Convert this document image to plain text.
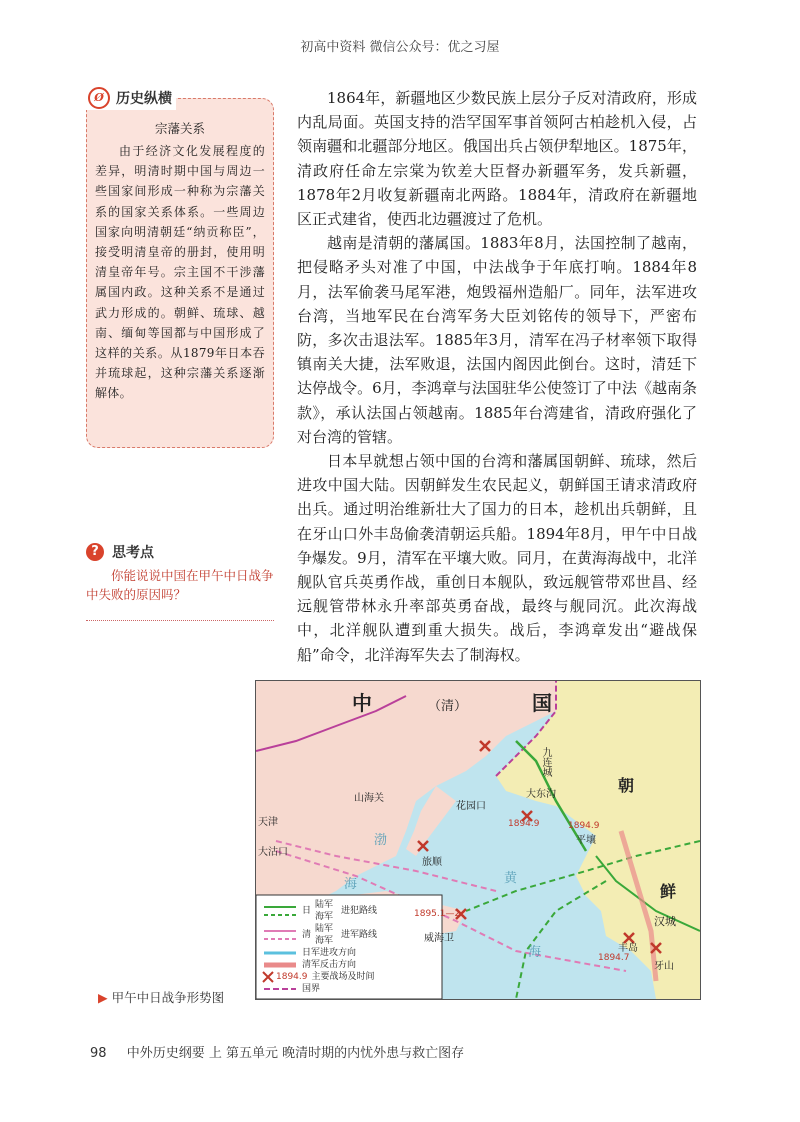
初高中资料 微信公众号：优之习屋
宗藩关系
由于经济文化发展程度的差异，明清时期中国与周边一些国家间形成一种称为宗藩关系的国家关系体系。一些周边国家向明清朝廷“纳贡称臣”，接受明清皇帝的册封，使用明清皇帝年号。宗主国不干涉藩属国内政。这种关系不是通过武力形成的。朝鲜、琉球、越南、缅甸等国都与中国形成了这样的关系。从1879年日本吞并琉球起，这种宗藩关系逐渐解体。
Ø 历史纵横
? 思考点
你能说说中国在甲午中日战争中失败的原因吗？

1864年，新疆地区少数民族上层分子反对清政府，形成内乱局面。英国支持的浩罕国军事首领阿古柏趁机入侵，占领南疆和北疆部分地区。俄国出兵占领伊犁地区。1875年，清政府任命左宗棠为钦差大臣督办新疆军务，发兵新疆，1878年2月收复新疆南北两路。1884年，清政府在新疆地区正式建省，使西北边疆渡过了危机。

越南是清朝的藩属国。1883年8月，法国控制了越南，把侵略矛头对准了中国，中法战争于年底打响。1884年8月，法军偷袭马尾军港，炮毁福州造船厂。同年，法军进攻台湾，当地军民在台湾军务大臣刘铭传的领导下，严密布防，多次击退法军。1885年3月，清军在冯子材率领下取得镇南关大捷，法军败退，法国内阁因此倒台。这时，清廷下达停战令。6月，李鸿章与法国驻华公使签订了中法《越南条款》，承认法国占领越南。1885年台湾建省，清政府强化了对台湾的管辖。

日本早就想占领中国的台湾和藩属国朝鲜、琉球，然后进攻中国大陆。因朝鲜发生农民起义，朝鲜国王请求清政府出兵。通过明治维新壮大了国力的日本，趁机出兵朝鲜，且在牙山口外丰岛偷袭清朝运兵船。1894年8月，甲午中日战争爆发。9月，清军在平壤大败。同月，在黄海海战中，北洋舰队官兵英勇作战，重创日本舰队，致远舰管带邓世昌、经远舰管带林永升率部英勇奋战，最终与舰同沉。此次海战中，北洋舰队遭到重大损失。战后，李鸿章发出“避战保船”命令，北洋海军失去了制海权。

中	（清）	国
朝
鲜
渤
海	黄
海
山海关
天津
大沽口
花园口
旅顺
威海卫
九连城
大东沟
平壤
汉城
丰岛
牙山
1894.9	1894.9
1895.1—2
1894.7
日
陆军
海军
进犯路线
清
陆军
海军
进军路线
日军进攻方向
清军反击方向
1894.9 主要战场及时间
国界
▶ 甲午中日战争形势图
98 中外历史纲要 上 第五单元 晚清时期的内忧外患与救亡图存
